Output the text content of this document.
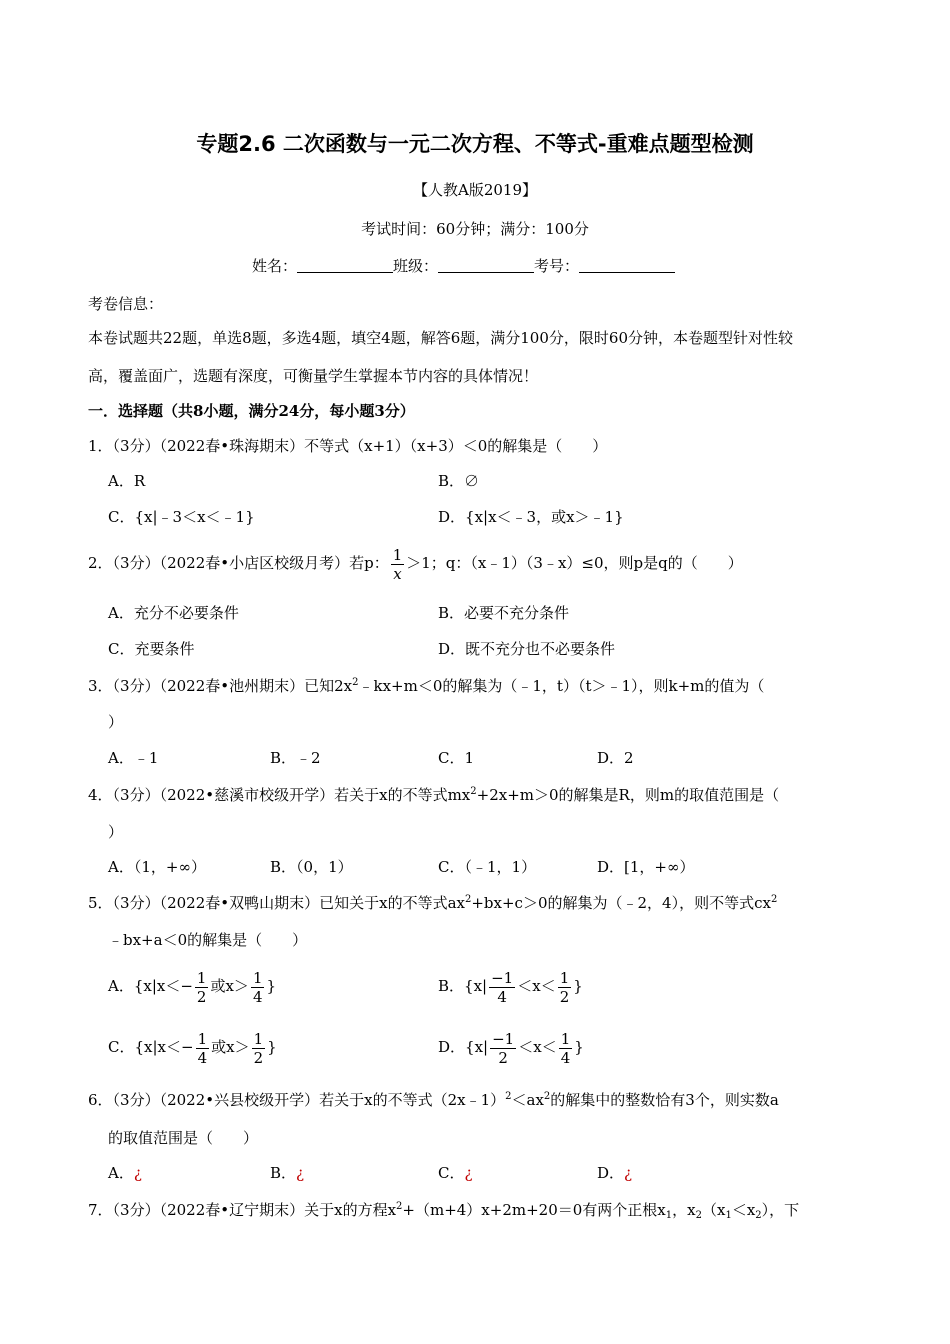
专题2.6 二次函数与一元二次方程、不等式-重难点题型检测
【人教A版2019】
考试时间：60分钟；满分：100分
姓名：	班级：	考号：
考卷信息：
本卷试题共22题，单选8题，多选4题，填空4题，解答6题，满分100分，限时60分钟，本卷题型针对性较
高，覆盖面广，选题有深度，可衡量学生掌握本节内容的具体情况！
一．选择题（共8小题，满分24分，每小题3分）
1．（3分）（2022春•珠海期末）不等式（x+1）（x+3）＜0的解集是（　　）
A．R	B．∅
C．{x|﹣3＜x＜﹣1}	D．{x|x＜﹣3，或x＞﹣1}
2．（3分）（2022春•小店区校级月考）若p： $\frac{1}{x} >1$；q：（x﹣1）（3﹣x）≤0，则p是q的（　　）
A．充分不必要条件	B．必要不充分条件
C．充要条件	D．既不充分也不必要条件
3．（3分）（2022春•池州期末）已知$2x^2﹣kx+m<0$的解集为（﹣1，t）（t＞﹣1），则k+m的值为（
）
A．﹣1	B．﹣2	C．1	D．2
4．（3分）（2022•慈溪市校级开学）若关于x的不等式$mx^2+2x+m>0$的解集是R，则m的取值范围是（
）
A．（1，+∞）	B．（0，1）	C．（﹣1，1）	D．[1，+∞）
5．（3分）（2022春•双鸭山期末）已知关于x的不等式$ax^2+bx+c>0$的解集为（﹣2，4），则不等式$cx^2$
﹣bx+a＜0的解集是（　　）
A．{$x|x<- \frac{1}{2}$ 或$x> \frac{1}{4}$ }	B．{$x| \frac{-1}{4} <x< \frac{1}{2}$ }
C．{$x|x<- \frac{1}{4}$ 或$x> \frac{1}{2}$ }	D．{$x| \frac{-1}{2} <x< \frac{1}{4}$ }
6．（3分）（2022•兴县校级开学）若关于x的不等式$(2x﹣1)^2<ax^2$的解集中的整数恰有3个，则实数a
的取值范围是（　　）
A．¿	B．¿	C．¿	D．¿
7．（3分）（2022春•辽宁期末）关于x的方程$x^2+(m+4)x+2m+20=0$有两个正根$x_1$，$x_2(x_1<x_2)$，下
